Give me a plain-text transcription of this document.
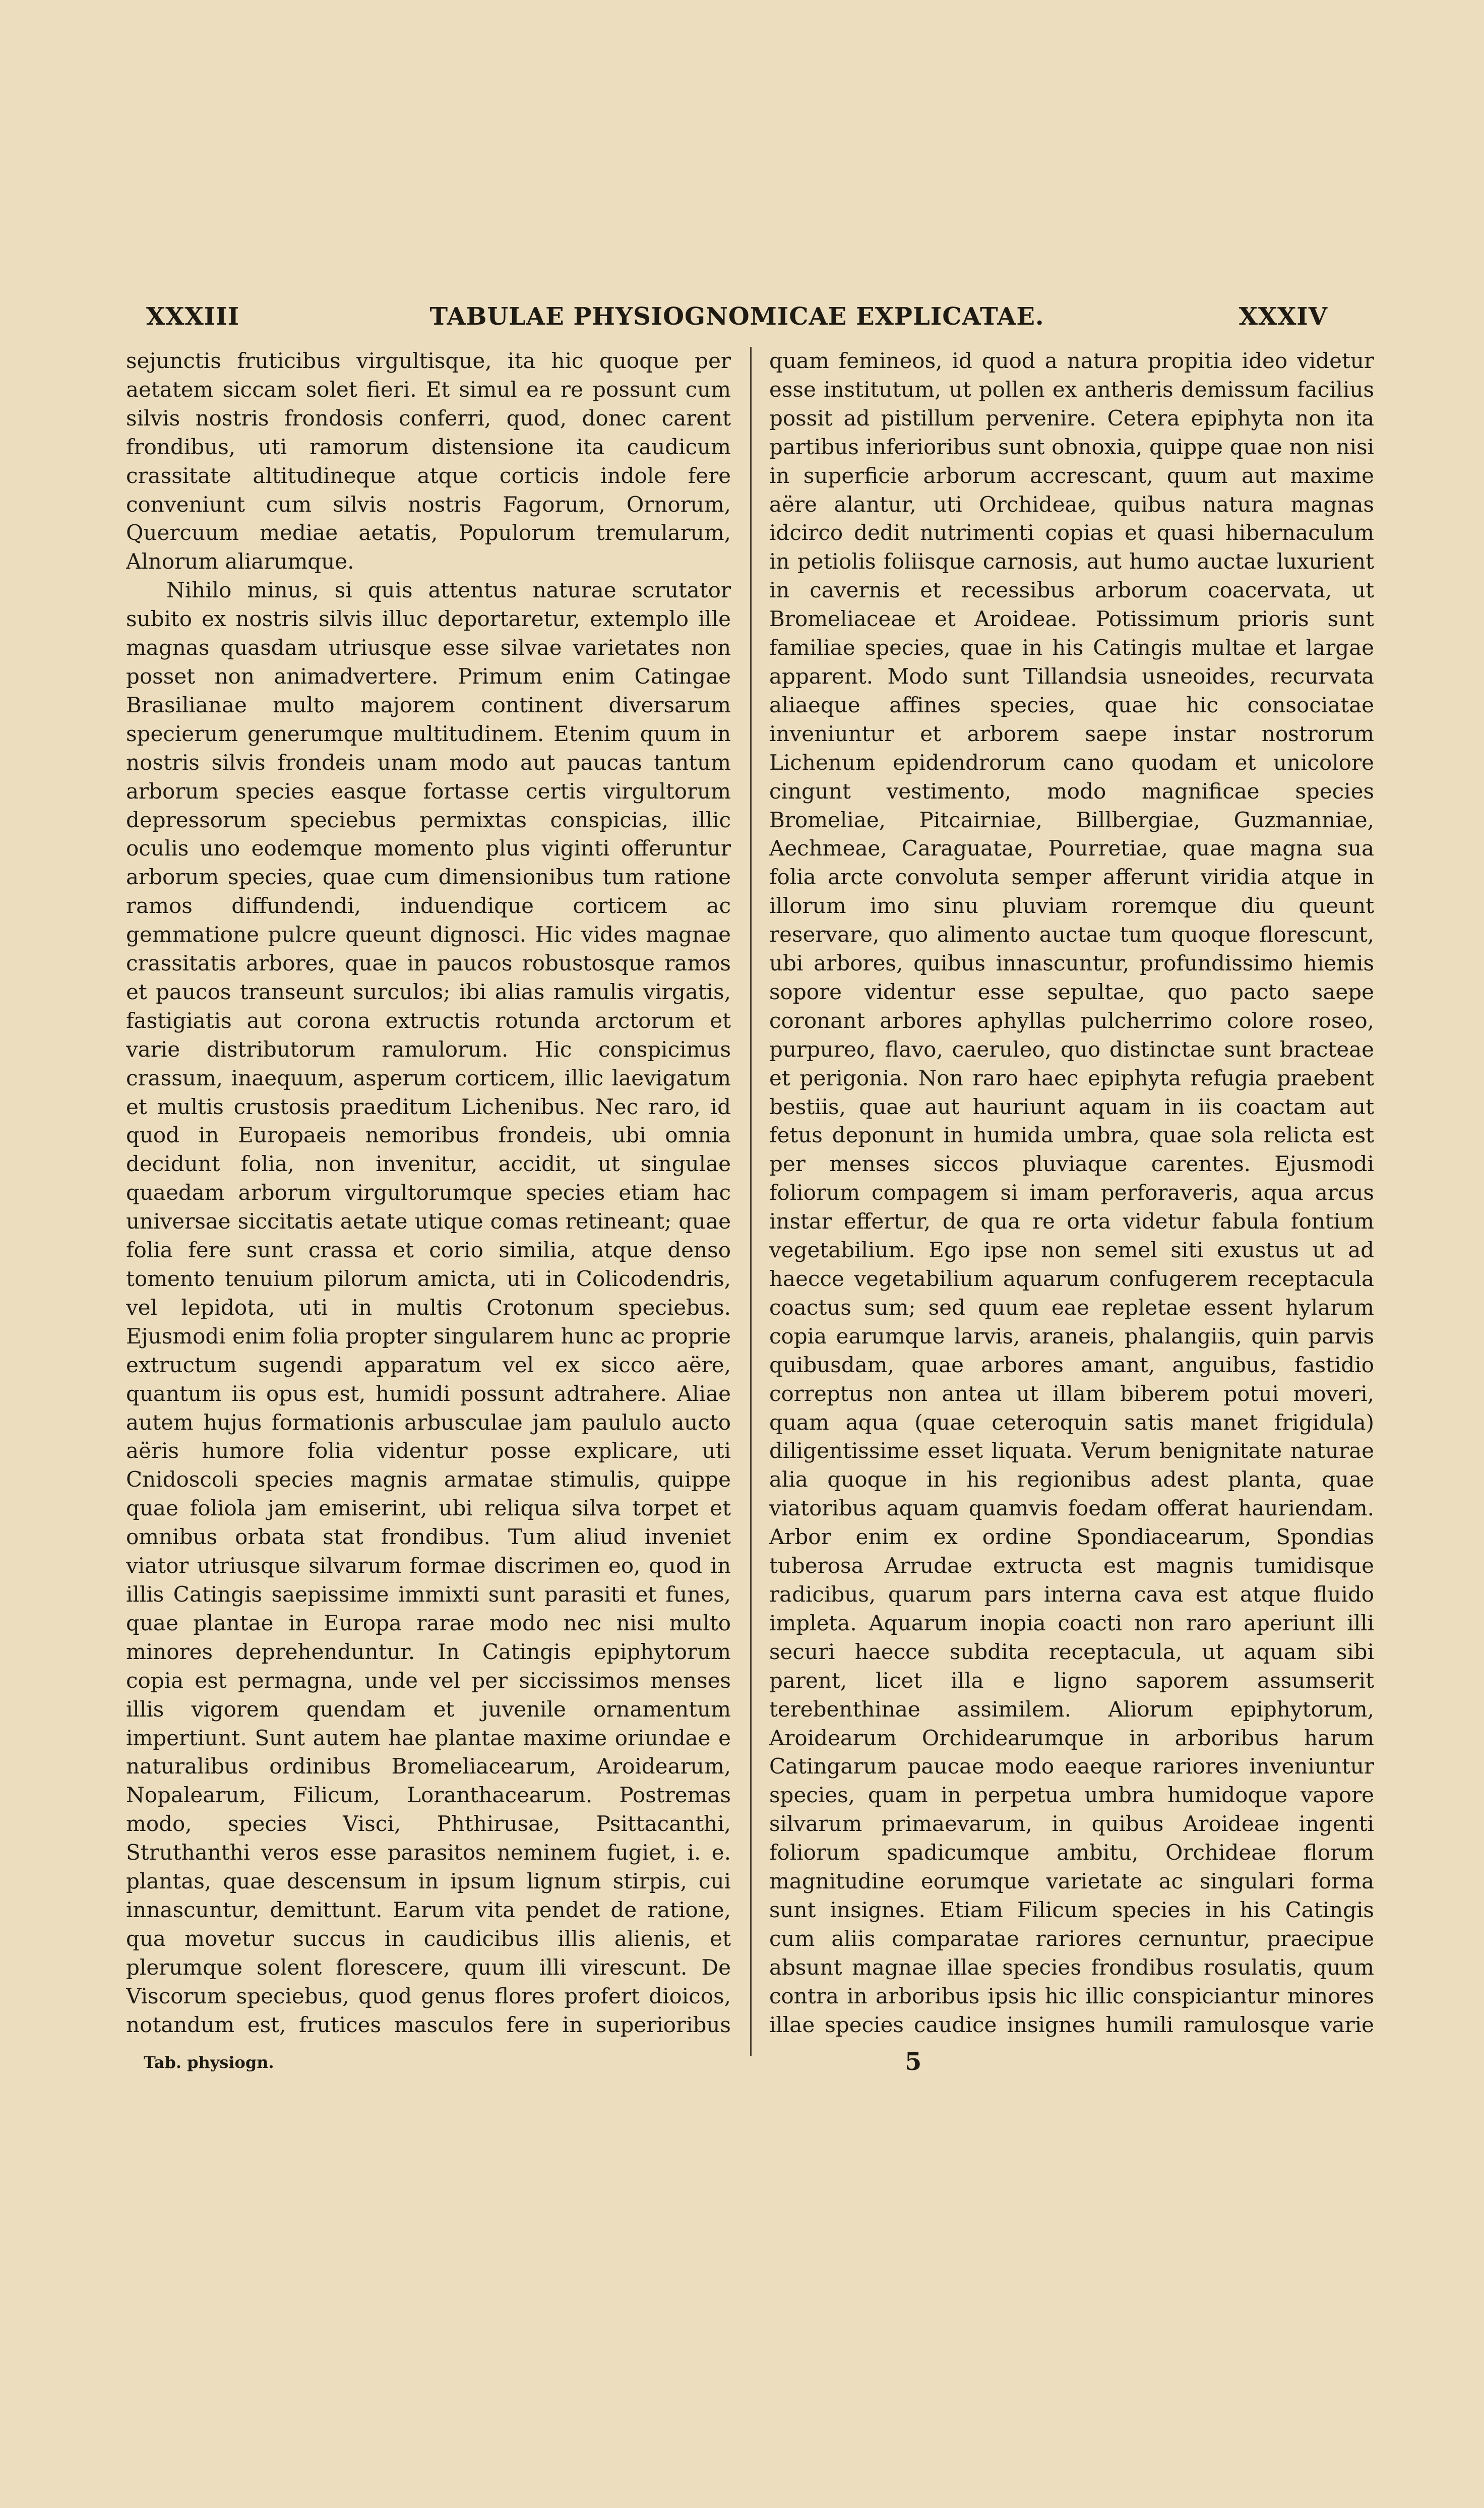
XXXIII	TABULAE PHYSIOGNOMICAE EXPLICATAE.	XXXIV

sejunctis fruticibus virgultisque, ita hic quoque per aetatem siccam solet fieri. Et simul ea re possunt cum silvis nostris frondosis conferri, quod, donec carent frondibus, uti ramorum distensione ita caudicum crassitate altitudineque atque corticis indole fere conveniunt cum silvis nostris Fagorum, Ornorum, Quercuum mediae aetatis, Populorum tremularum, Alnorum aliarumque.

Nihilo minus, si quis attentus naturae scrutator subito ex nostris silvis illuc deportaretur, extemplo ille magnas quasdam utriusque esse silvae varietates non posset non animadvertere. Primum enim Catingae Brasilianae multo majorem continent diversarum specierum generumque multitudinem. Etenim quum in nostris silvis frondeis unam modo aut paucas tantum arborum species easque fortasse certis virgultorum depressorum speciebus permixtas conspicias, illic oculis uno eodemque momento plus viginti offeruntur arborum species, quae cum dimensionibus tum ratione ramos diffundendi, induendique corticem ac gemmatione pulcre queunt dignosci. Hic vides magnae crassitatis arbores, quae in paucos robustosque ramos et paucos transeunt surculos; ibi alias ramulis virgatis, fastigiatis aut corona extructis rotunda arctorum et varie distributorum ramulorum. Hic conspicimus crassum, inaequum, asperum corticem, illic laevigatum et multis crustosis praeditum Lichenibus. Nec raro, id quod in Europaeis nemoribus frondeis, ubi omnia decidunt folia, non invenitur, accidit, ut singulae quaedam arborum virgultorumque species etiam hac universae siccitatis aetate utique comas retineant; quae folia fere sunt crassa et corio similia, atque denso tomento tenuium pilorum amicta, uti in Colicodendris, vel lepidota, uti in multis Crotonum speciebus. Ejusmodi enim folia propter singularem hunc ac proprie extructum sugendi apparatum vel ex sicco aëre, quantum iis opus est, humidi possunt adtrahere. Aliae autem hujus formationis arbusculae jam paululo aucto aëris humore folia videntur posse explicare, uti Cnidoscoli species magnis armatae stimulis, quippe quae foliola jam emiserint, ubi reliqua silva torpet et omnibus orbata stat frondibus. Tum aliud inveniet viator utriusque silvarum formae discrimen eo, quod in illis Catingis saepissime immixti sunt parasiti et funes, quae plantae in Europa rarae modo nec nisi multo minores deprehenduntur. In Catingis epiphytorum copia est permagna, unde vel per siccissimos menses illis vigorem quendam et juvenile ornamentum impertiunt. Sunt autem hae plantae maxime oriundae e naturalibus ordinibus Bromeliacearum, Aroidearum, Nopalearum, Filicum, Loranthacearum. Postremas modo, species Visci, Phthirusae, Psittacanthi, Struthanthi veros esse parasitos neminem fugiet, i. e. plantas, quae descensum in ipsum lignum stirpis, cui innascuntur, demittunt. Earum vita pendet de ratione, qua movetur succus in caudicibus illis alienis, et plerumque solent florescere, quum illi virescunt. De Viscorum speciebus, quod genus flores profert dioicos, notandum est, frutices masculos fere in superioribus

quam femineos, id quod a natura propitia ideo videtur esse institutum, ut pollen ex antheris demissum facilius possit ad pistillum pervenire. Cetera epiphyta non ita partibus inferioribus sunt obnoxia, quippe quae non nisi in superficie arborum accrescant, quum aut maxime aëre alantur, uti Orchideae, quibus natura magnas idcirco dedit nutrimenti copias et quasi hibernaculum in petiolis foliisque carnosis, aut humo auctae luxurient in cavernis et recessibus arborum coacervata, ut Bromeliaceae et Aroideae. Potissimum prioris sunt familiae species, quae in his Catingis multae et largae apparent. Modo sunt Tillandsia usneoides, recurvata aliaeque affines species, quae hic consociatae inveniuntur et arborem saepe instar nostrorum Lichenum epidendrorum cano quodam et unicolore cingunt vestimento, modo magnificae species Bromeliae, Pitcairniae, Billbergiae, Guzmanniae, Aechmeae, Caraguatae, Pourretiae, quae magna sua folia arcte convoluta semper afferunt viridia atque in illorum imo sinu pluviam roremque diu queunt reservare, quo alimento auctae tum quoque florescunt, ubi arbores, quibus innascuntur, profundissimo hiemis sopore videntur esse sepultae, quo pacto saepe coronant arbores aphyllas pulcherrimo colore roseo, purpureo, flavo, caeruleo, quo distinctae sunt bracteae et perigonia. Non raro haec epiphyta refugia praebent bestiis, quae aut hauriunt aquam in iis coactam aut fetus deponunt in humida umbra, quae sola relicta est per menses siccos pluviaque carentes. Ejusmodi foliorum compagem si imam perforaveris, aqua arcus instar effertur, de qua re orta videtur fabula fontium vegetabilium. Ego ipse non semel siti exustus ut ad haecce vegetabilium aquarum confugerem receptacula coactus sum; sed quum eae repletae essent hylarum copia earumque larvis, araneis, phalangiis, quin parvis quibusdam, quae arbores amant, anguibus, fastidio correptus non antea ut illam biberem potui moveri, quam aqua (quae ceteroquin satis manet frigidula) diligentissime esset liquata. Verum benignitate naturae alia quoque in his regionibus adest planta, quae viatoribus aquam quamvis foedam offerat hauriendam. Arbor enim ex ordine Spondiacearum, Spondias tuberosa Arrudae extructa est magnis tumidisque radicibus, quarum pars interna cava est atque fluido impleta. Aquarum inopia coacti non raro aperiunt illi securi haecce subdita receptacula, ut aquam sibi parent, licet illa e ligno saporem assumserit terebenthinae assimilem. Aliorum epiphytorum, Aroidearum Orchidearumque in arboribus harum Catingarum paucae modo eaeque rariores inveniuntur species, quam in perpetua umbra humidoque vapore silvarum primaevarum, in quibus Aroideae ingenti foliorum spadicumque ambitu, Orchideae florum magnitudine eorumque varietate ac singulari forma sunt insignes. Etiam Filicum species in his Catingis cum aliis comparatae rariores cernuntur, praecipue absunt magnae illae species frondibus rosulatis, quum contra in arboribus ipsis hic illic conspiciantur minores illae species caudice insignes humili ramulosque varie

Tab. physiogn.	5
